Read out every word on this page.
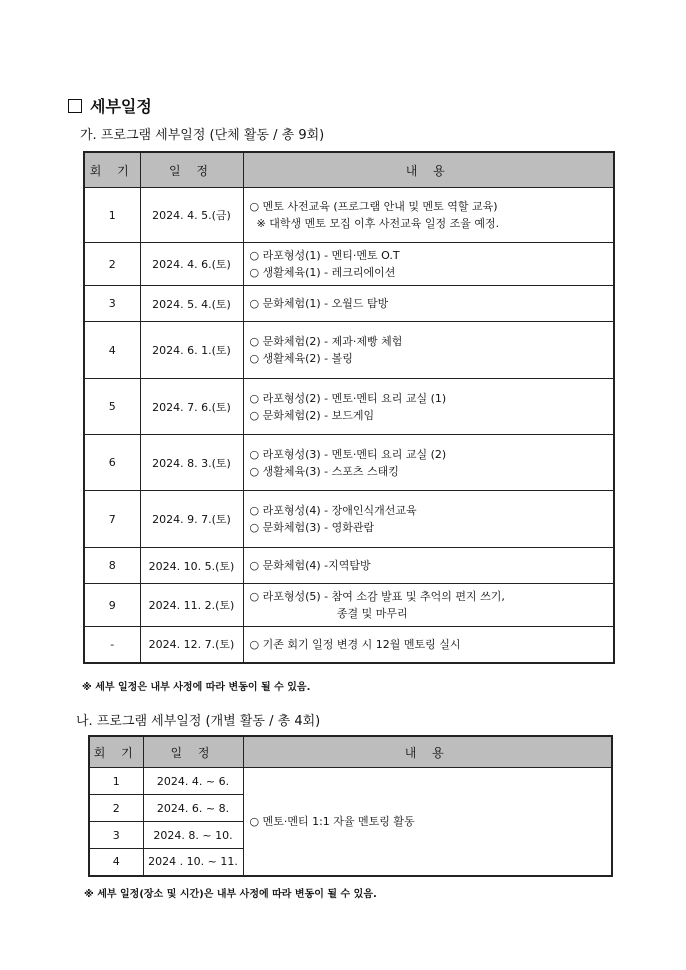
세부일정
가. 프로그램 세부일정 (단체 활동 / 총 9회)
회 기	일 정	내 용
1	2024. 4. 5.(금)	○ 멘토 사전교육 (프로그램 안내 및 멘토 역할 교육)
※ 대학생 멘토 모집 이후 사전교육 일정 조율 예정.

2	2024. 4. 6.(토)	○ 라포형성(1) - 멘티·멘토 O.T
○ 생활체육(1) - 레크리에이션

3	2024. 5. 4.(토)	○ 문화체험(1) - 오월드 탐방

4	2024. 6. 1.(토)	○ 문화체험(2) - 제과·제빵 체험
○ 생활체육(2) - 볼링

5	2024. 7. 6.(토)	○ 라포형성(2) - 멘토·멘티 요리 교실 (1)
○ 문화체험(2) - 보드게임

6	2024. 8. 3.(토)	○ 라포형성(3) - 멘토·멘티 요리 교실 (2)
○ 생활체육(3) - 스포츠 스태킹

7	2024. 9. 7.(토)	○ 라포형성(4) - 장애인식개선교육
○ 문화체험(3) - 영화관람

8	2024. 10. 5.(토)	○ 문화체험(4) -지역탐방

9	2024. 11. 2.(토)	○ 라포형성(5) - 참여 소감 발표 및 추억의 편지 쓰기,
종결 및 마무리

-	2024. 12. 7.(토)	○ 기존 회기 일정 변경 시 12월 멘토링 실시
※ 세부 일정은 내부 사정에 따라 변동이 될 수 있음.
나. 프로그램 세부일정 (개별 활동 / 총 4회)
회 기	일 정	내 용
1	2024. 4. ~ 6.	○ 멘토·멘티 1:1 자율 멘토링 활동
2	2024. 6. ~ 8.	
3	2024. 8. ~ 10.	
4	2024 . 10. ~ 11.	
※ 세부 일정(장소 및 시간)은 내부 사정에 따라 변동이 될 수 있음.
